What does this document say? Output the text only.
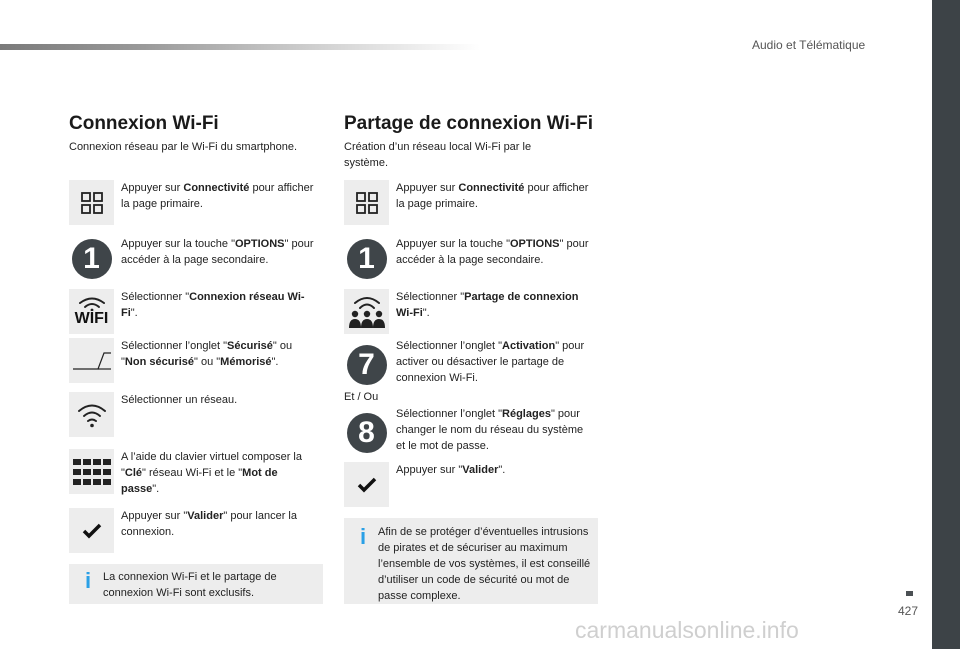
Audio et Télématique
Connexion Wi-Fi
Connexion réseau par le Wi-Fi du smartphone.
Appuyer sur Connectivité pour afficher la page primaire.
1	Appuyer sur la touche "OPTIONS" pour accéder à la page secondaire.
WIFI
Sélectionner "Connexion réseau Wi-Fi".
Sélectionner l’onglet "Sécurisé" ou "Non sécurisé" ou "Mémorisé".
Sélectionner un réseau.
A l’aide du clavier virtuel composer la "Clé" réseau Wi-Fi et le "Mot de passe".
Appuyer sur "Valider" pour lancer la connexion.
i	La connexion Wi-Fi et le partage de connexion Wi-Fi sont exclusifs.
Partage de connexion Wi-Fi
Création d’un réseau local Wi-Fi par le système.
Appuyer sur Connectivité pour afficher la page primaire.
1	Appuyer sur la touche "OPTIONS" pour accéder à la page secondaire.
Sélectionner "Partage de connexion Wi-Fi".
7
Sélectionner l’onglet "Activation" pour activer ou désactiver le partage de connexion Wi-Fi.
Et / Ou
8
Sélectionner l’onglet "Réglages" pour changer le nom du réseau du système et le mot de passe.
Appuyer sur "Valider".
i	Afin de se protéger d’éventuelles intrusions de pirates et de sécuriser au maximum l’ensemble de vos systèmes, il est conseillé d’utiliser un code de sécurité ou mot de passe complexe.
427
carmanualsonline.info
